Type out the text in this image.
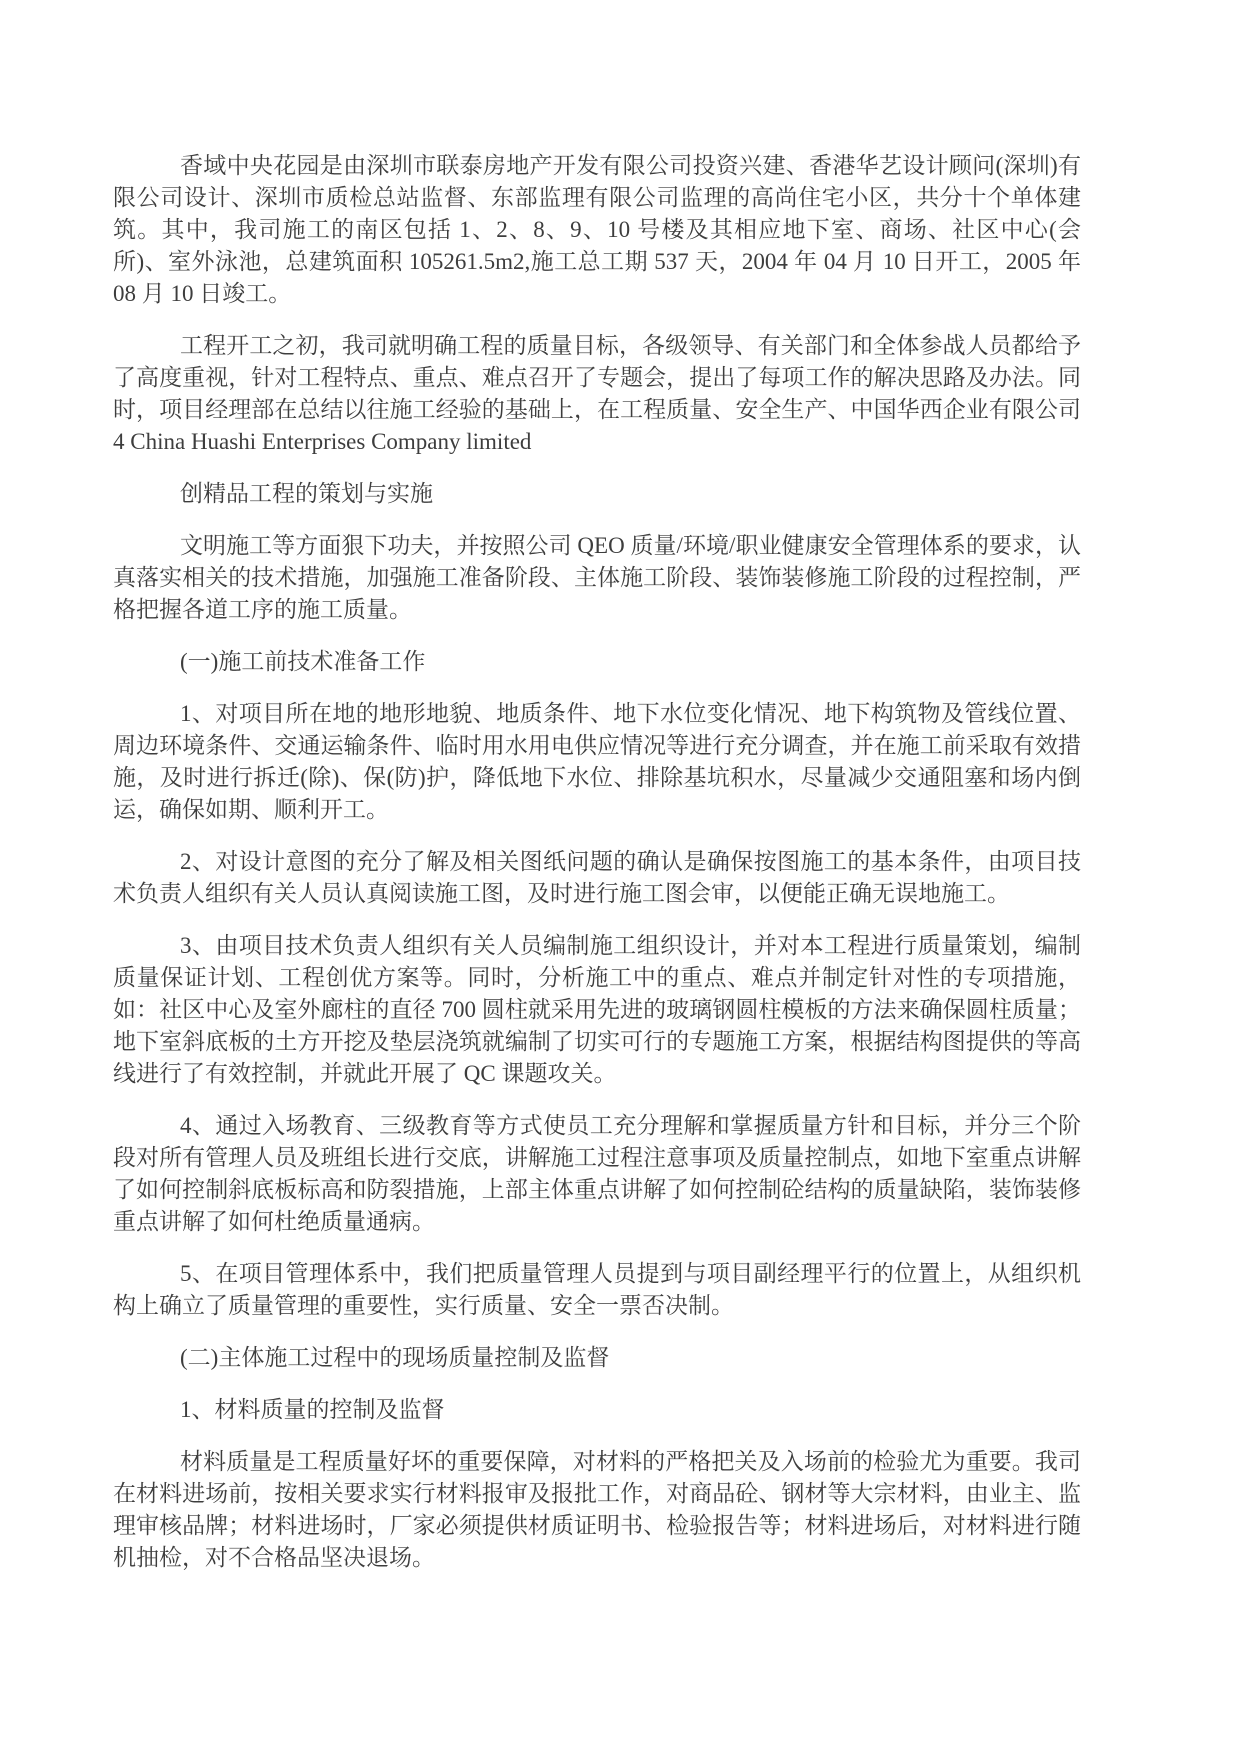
香域中央花园是由深圳市联泰房地产开发有限公司投资兴建、香港华艺设计顾问(深圳)有限公司设计、深圳市质检总站监督、东部监理有限公司监理的高尚住宅小区，共分十个单体建筑。其中，我司施工的南区包括 1、2、8、9、10 号楼及其相应地下室、商场、社区中心(会所)、室外泳池，总建筑面积 105261.5m2,施工总工期 537 天，2004 年 04 月 10 日开工，2005 年 08 月 10 日竣工。

工程开工之初，我司就明确工程的质量目标，各级领导、有关部门和全体参战人员都给予了高度重视，针对工程特点、重点、难点召开了专题会，提出了每项工作的解决思路及办法。同时，项目经理部在总结以往施工经验的基础上，在工程质量、安全生产、中国华西企业有限公司 4 China Huashi Enterprises Company limited

创精品工程的策划与实施

文明施工等方面狠下功夫，并按照公司 QEO 质量/环境/职业健康安全管理体系的要求，认真落实相关的技术措施，加强施工准备阶段、主体施工阶段、装饰装修施工阶段的过程控制，严格把握各道工序的施工质量。

(一)施工前技术准备工作

1、对项目所在地的地形地貌、地质条件、地下水位变化情况、地下构筑物及管线位置、周边环境条件、交通运输条件、临时用水用电供应情况等进行充分调查，并在施工前采取有效措施，及时进行拆迁(除)、保(防)护，降低地下水位、排除基坑积水，尽量减少交通阻塞和场内倒运，确保如期、顺利开工。

2、对设计意图的充分了解及相关图纸问题的确认是确保按图施工的基本条件，由项目技术负责人组织有关人员认真阅读施工图，及时进行施工图会审，以便能正确无误地施工。

3、由项目技术负责人组织有关人员编制施工组织设计，并对本工程进行质量策划，编制质量保证计划、工程创优方案等。同时，分析施工中的重点、难点并制定针对性的专项措施，如：社区中心及室外廊柱的直径 700 圆柱就采用先进的玻璃钢圆柱模板的方法来确保圆柱质量；地下室斜底板的土方开挖及垫层浇筑就编制了切实可行的专题施工方案，根据结构图提供的等高线进行了有效控制，并就此开展了 QC 课题攻关。

4、通过入场教育、三级教育等方式使员工充分理解和掌握质量方针和目标，并分三个阶段对所有管理人员及班组长进行交底，讲解施工过程注意事项及质量控制点，如地下室重点讲解了如何控制斜底板标高和防裂措施，上部主体重点讲解了如何控制砼结构的质量缺陷，装饰装修重点讲解了如何杜绝质量通病。

5、在项目管理体系中，我们把质量管理人员提到与项目副经理平行的位置上，从组织机构上确立了质量管理的重要性，实行质量、安全一票否决制。

(二)主体施工过程中的现场质量控制及监督

1、材料质量的控制及监督

材料质量是工程质量好坏的重要保障，对材料的严格把关及入场前的检验尤为重要。我司在材料进场前，按相关要求实行材料报审及报批工作，对商品砼、钢材等大宗材料，由业主、监理审核品牌；材料进场时，厂家必须提供材质证明书、检验报告等；材料进场后，对材料进行随机抽检，对不合格品坚决退场。
